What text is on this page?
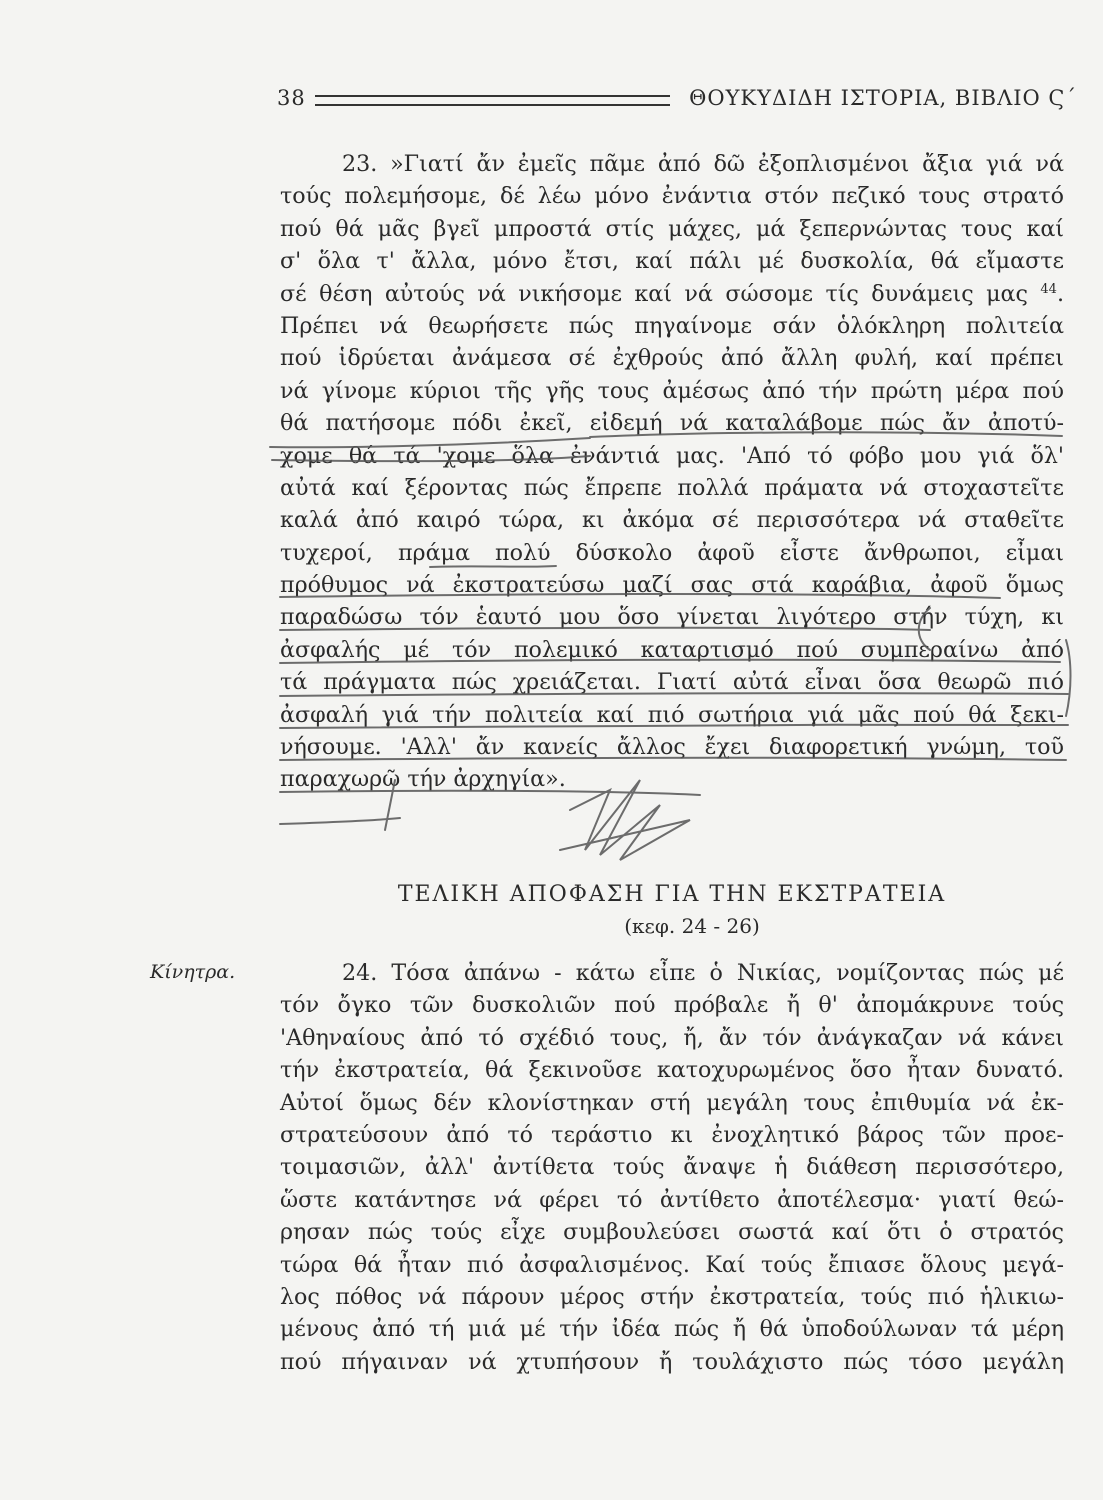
38	ΘΟΥΚΥΔΙΔΗ ΙΣΤΟΡΙΑ, ΒΙΒΛΙΟ Ϛ΄
23. »Γιατί ἄν ἐμεῖς πᾶμε ἀπό δῶ ἐξοπλισμένοι ἄξια γιά νά
τούς πολεμήσομε, δέ λέω μόνο ἐνάντια στόν πεζικό τους στρατό
πού θά μᾶς βγεῖ μπροστά στίς μάχες, μά ξεπερνώντας τους καί
σ' ὅλα τ' ἄλλα, μόνο ἔτσι, καί πάλι μέ δυσκολία, θά εἴμαστε
σέ θέση αὐτούς νά νικήσομε καί νά σώσομε τίς δυνάμεις μας $^{44}$.
Πρέπει νά θεωρήσετε πώς πηγαίνομε σάν ὁλόκληρη πολιτεία
πού ἱδρύεται ἀνάμεσα σέ ἐχθρούς ἀπό ἄλλη φυλή, καί πρέπει
νά γίνομε κύριοι τῆς γῆς τους ἀμέσως ἀπό τήν πρώτη μέρα πού
θά πατήσομε πόδι ἐκεῖ, εἰδεμή νά καταλάβομε πώς ἄν ἀποτύ-
χομε θά τά 'χομε ὅλα ἐνάντιά μας. 'Από τό φόβο μου γιά ὅλ'
αὐτά καί ξέροντας πώς ἔπρεπε πολλά πράματα νά στοχαστεῖτε
καλά ἀπό καιρό τώρα, κι ἀκόμα σέ περισσότερα νά σταθεῖτε
τυχεροί, πράμα πολύ δύσκολο ἀφοῦ εἶστε ἄνθρωποι, εἶμαι
πρόθυμος νά ἐκστρατεύσω μαζί σας στά καράβια, ἀφοῦ ὅμως
παραδώσω τόν ἑαυτό μου ὅσο γίνεται λιγότερο στήν τύχη, κι
ἀσφαλής μέ τόν πολεμικό καταρτισμό πού συμπεραίνω ἀπό
τά πράγματα πώς χρειάζεται. Γιατί αὐτά εἶναι ὅσα θεωρῶ πιό
ἀσφαλή γιά τήν πολιτεία καί πιό σωτήρια γιά μᾶς πού θά ξεκι-
νήσουμε. 'Αλλ' ἄν κανείς ἄλλος ἔχει διαφορετική γνώμη, τοῦ
παραχωρῶ τήν ἀρχηγία».
ΤΕΛΙΚΗ ΑΠΟΦΑΣΗ ΓΙΑ ΤΗΝ ΕΚΣΤΡΑΤΕΙΑ
(κεφ. 24 - 26)
Κίνητρα.	24. Τόσα ἀπάνω - κάτω εἶπε ὁ Νικίας, νομίζοντας πώς μέ
τόν ὄγκο τῶν δυσκολιῶν πού πρόβαλε ἤ θ' ἀπομάκρυνε τούς
'Αθηναίους ἀπό τό σχέδιό τους, ἤ, ἄν τόν ἀνάγκαζαν νά κάνει
τήν ἐκστρατεία, θά ξεκινοῦσε κατοχυρωμένος ὅσο ἦταν δυνατό.
Αὐτοί ὅμως δέν κλονίστηκαν στή μεγάλη τους ἐπιθυμία νά ἐκ-
στρατεύσουν ἀπό τό τεράστιο κι ἐνοχλητικό βάρος τῶν προε-
τοιμασιῶν, ἀλλ' ἀντίθετα τούς ἄναψε ἡ διάθεση περισσότερο,
ὥστε κατάντησε νά φέρει τό ἀντίθετο ἀποτέλεσμα· γιατί θεώ-
ρησαν πώς τούς εἶχε συμβουλεύσει σωστά καί ὅτι ὁ στρατός
τώρα θά ἦταν πιό ἀσφαλισμένος. Καί τούς ἔπιασε ὅλους μεγά-
λος πόθος νά πάρουν μέρος στήν ἐκστρατεία, τούς πιό ἡλικιω-
μένους ἀπό τή μιά μέ τήν ἰδέα πώς ἤ θά ὑποδούλωναν τά μέρη
πού πήγαιναν νά χτυπήσουν ἤ τουλάχιστο πώς τόσο μεγάλη
